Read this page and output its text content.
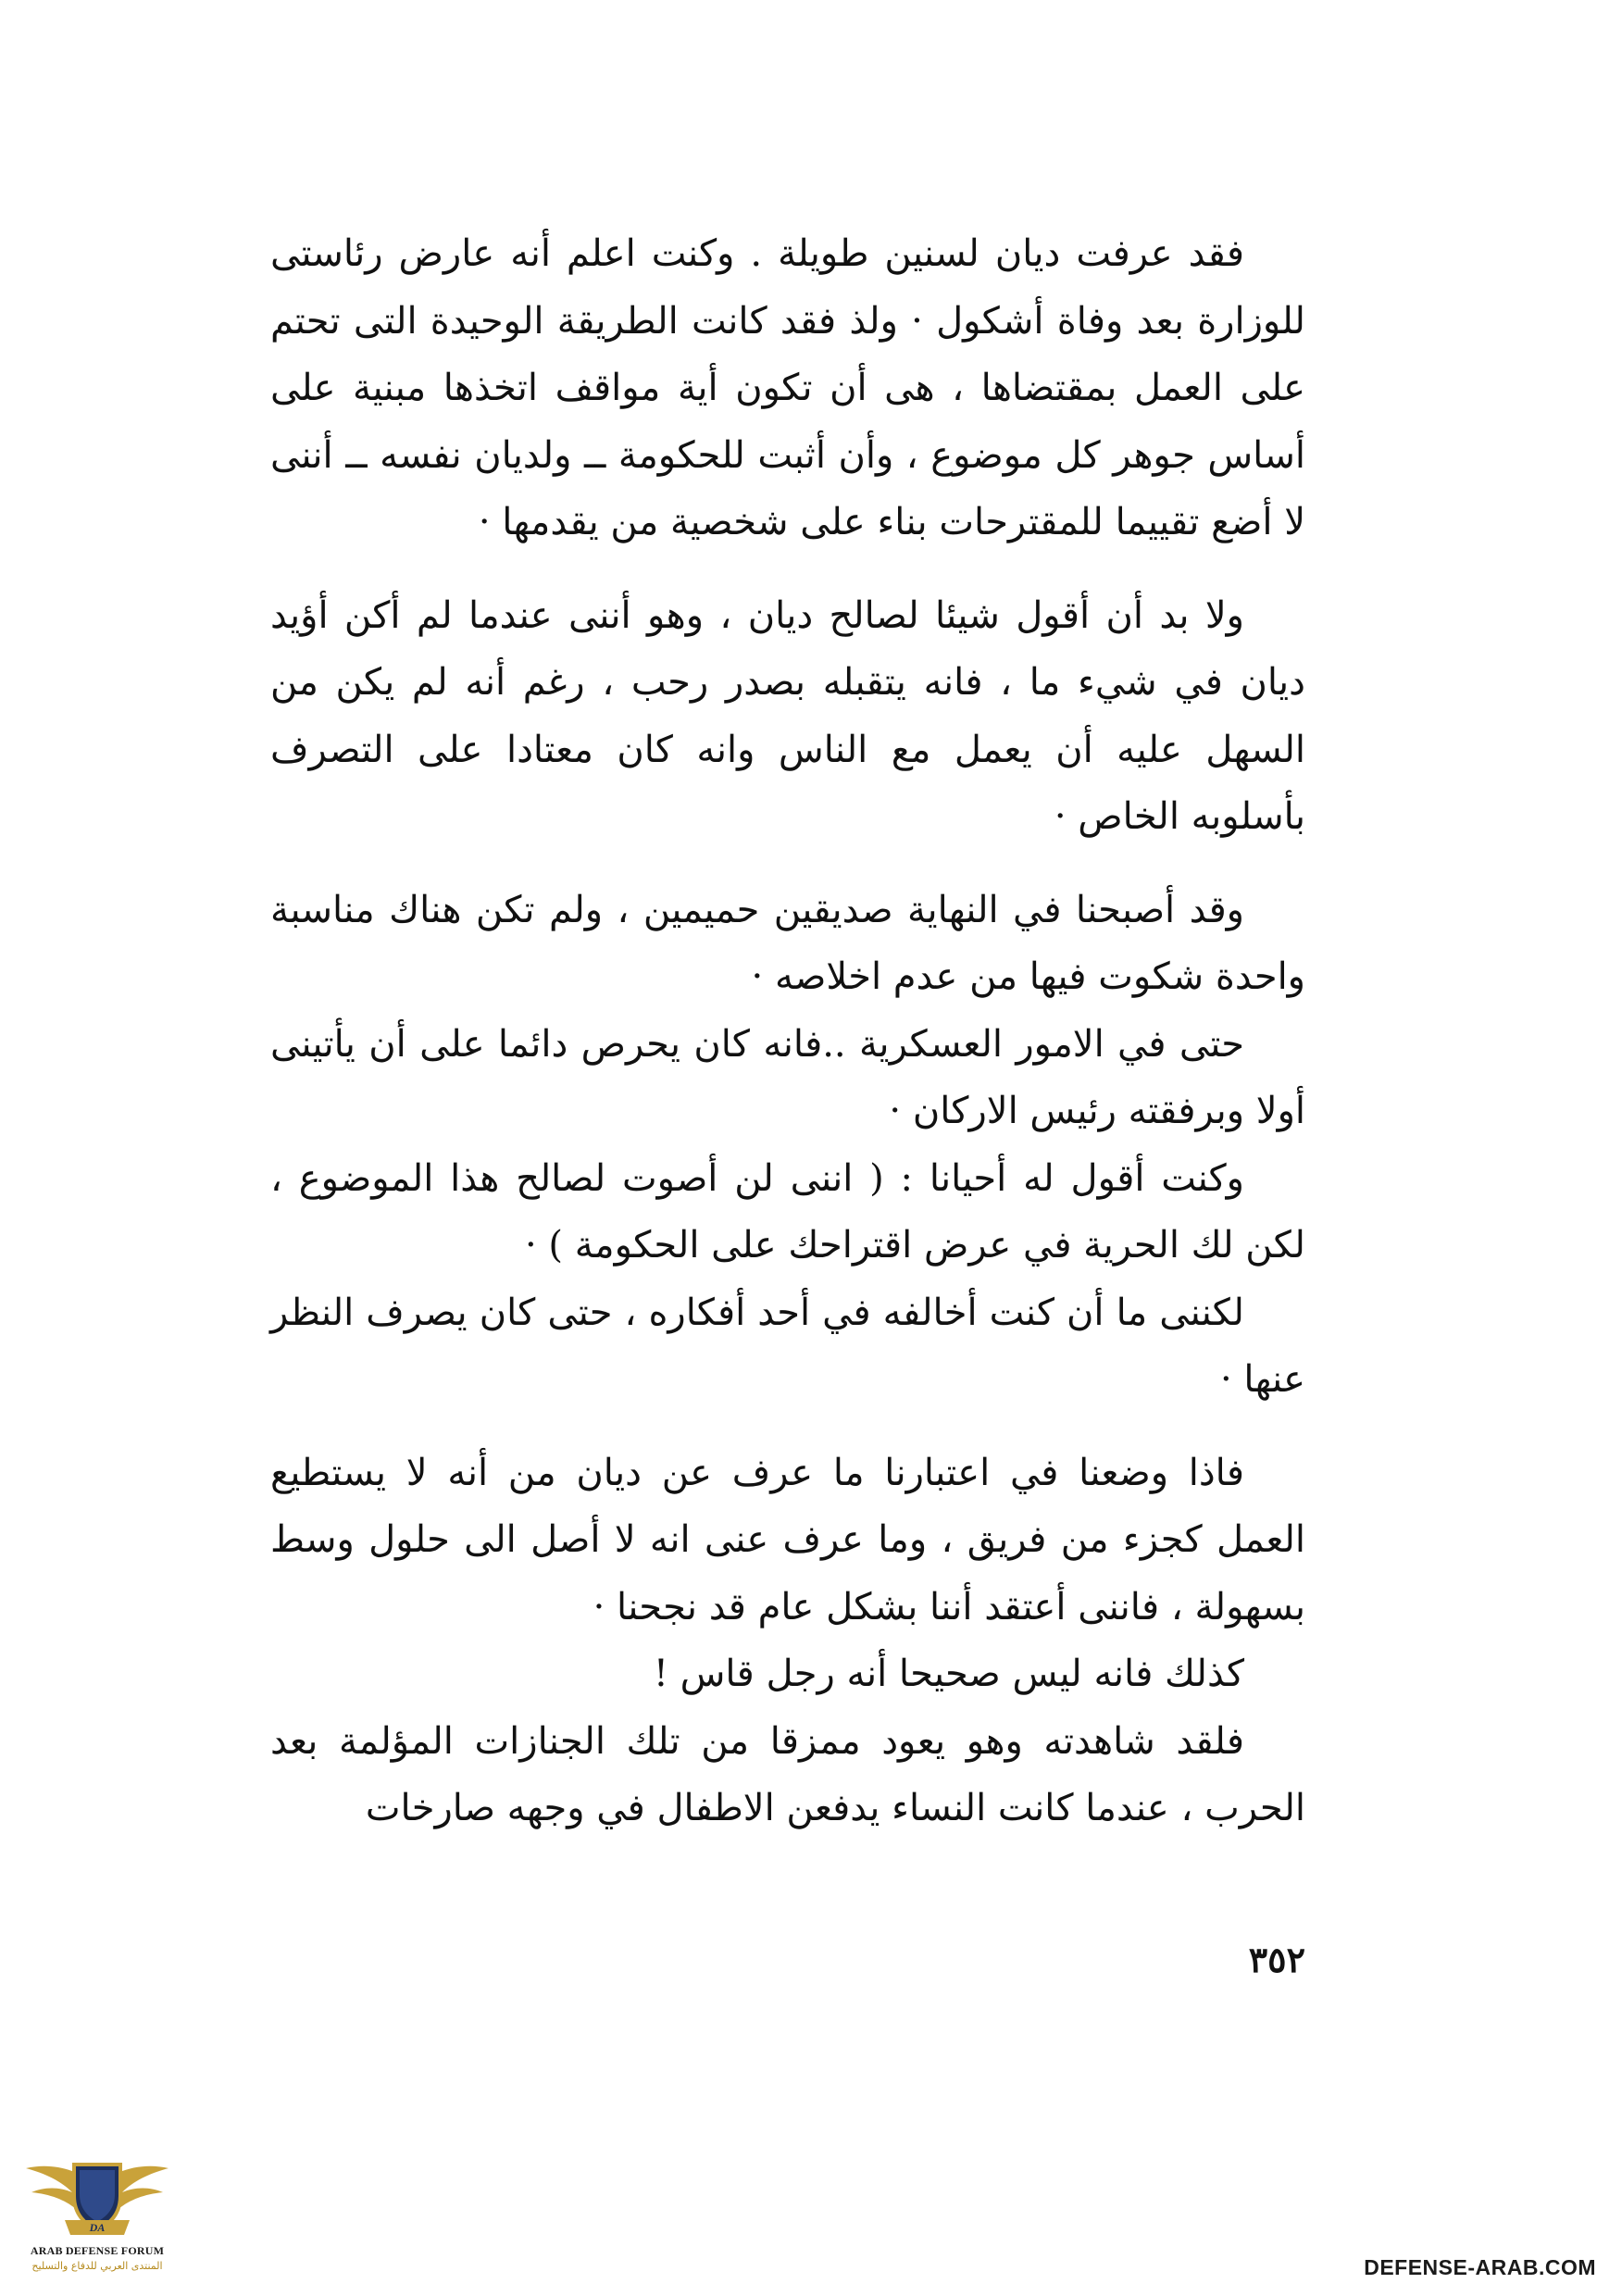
فقد عرفت ديان لسنين طويلة . وكنت اعلم أنه عارض رئاستى للوزارة بعد وفاة أشكول · ولذ فقد كانت الطريقة الوحيدة التى تحتم على العمل بمقتضاها ، هى أن تكون أية مواقف اتخذها مبنية على أساس جوهر كل موضوع ، وأن أثبت للحكومة ــ ولديان نفسه ــ أننى لا أضع تقييما للمقترحات بناء على شخصية من يقدمها ·

ولا بد أن أقول شيئا لصالح ديان ، وهو أننى عندما لم أكن أؤيد ديان في شيء ما ، فانه يتقبله بصدر رحب ، رغم أنه لم يكن من السهل عليه أن يعمل مع الناس وانه كان معتادا على التصرف بأسلوبه الخاص ·

وقد أصبحنا في النهاية صديقين حميمين ، ولم تكن هناك مناسبة واحدة شكوت فيها من عدم اخلاصه ·

حتى في الامور العسكرية ..فانه كان يحرص دائما على أن يأتينى أولا وبرفقته رئيس الاركان ·

وكنت أقول له أحيانا : ( اننى لن أصوت لصالح هذا الموضوع ، لكن لك الحرية في عرض اقتراحك على الحكومة ) ·

لكننى ما أن كنت أخالفه في أحد أفكاره ، حتى كان يصرف النظر عنها ·

فاذا وضعنا في اعتبارنا ما عرف عن ديان من أنه لا يستطيع العمل كجزء من فريق ، وما عرف عنى انه لا أصل الى حلول وسط بسهولة ، فاننى أعتقد أننا بشكل عام قد نجحنا ·

كذلك فانه ليس صحيحا أنه رجل قاس !

فلقد شاهدته وهو يعود ممزقا من تلك الجنازات المؤلمة بعد الحرب ، عندما كانت النساء يدفعن الاطفال في وجهه صارخات

٣٥٢
DA
ARAB DEFENSE FORUM
المنتدى العربي للدفاع والتسليح	DEFENSE-ARAB.COM
